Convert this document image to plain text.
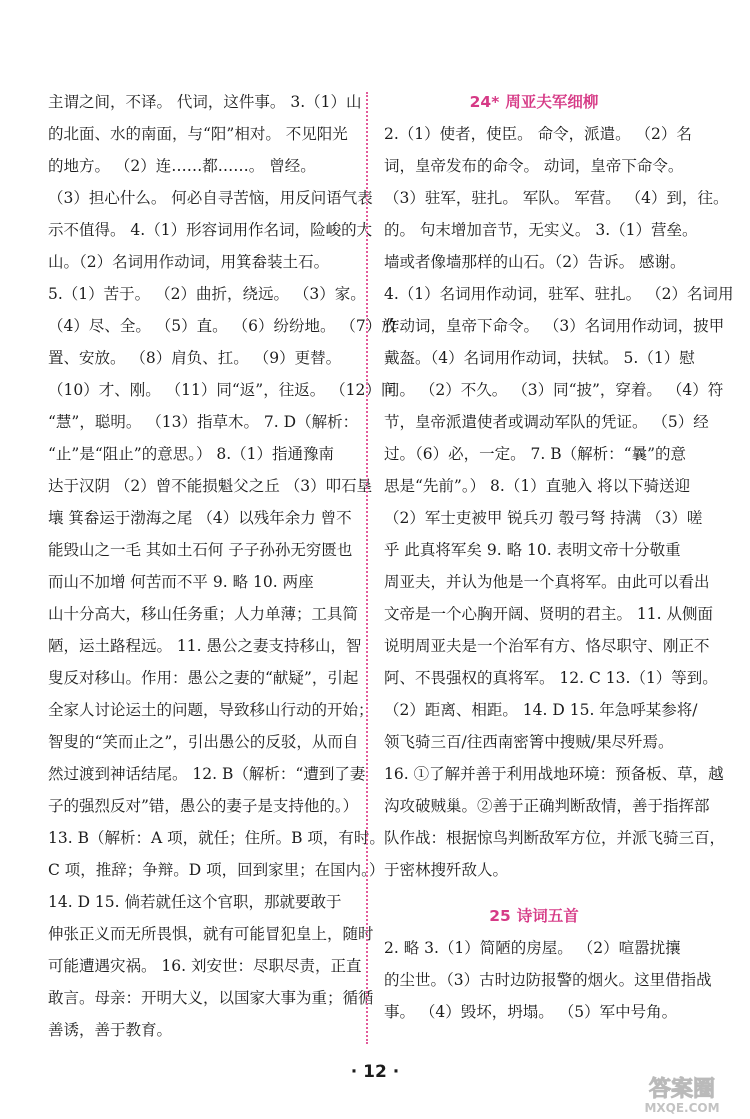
主谓之间，不译。 代词，这件事。 3.（1）山
的北面、水的南面，与“阳”相对。 不见阳光
的地方。 （2）连……都……。 曾经。
（3）担心什么。 何必自寻苦恼，用反问语气表
示不值得。 4.（1）形容词用作名词，险峻的大
山。（2）名词用作动词，用箕畚装土石。
5.（1）苦于。 （2）曲折，绕远。 （3）家。
（4）尽、全。 （5）直。 （6）纷纷地。 （7）放
置、安放。 （8）肩负、扛。 （9）更替。
（10）才、刚。 （11）同“返”，往返。 （12）同
“慧”，聪明。 （13）指草木。 7. D（解析：
“止”是“阻止”的意思。） 8.（1）指通豫南
达于汉阴 （2）曾不能损魁父之丘 （3）叩石垦
壤 箕畚运于渤海之尾 （4）以残年余力 曾不
能毁山之一毛 其如土石何 子子孙孙无穷匮也
而山不加增 何苦而不平 9. 略 10. 两座
山十分高大，移山任务重；人力单薄；工具简
陋，运土路程远。 11. 愚公之妻支持移山，智
叟反对移山。作用：愚公之妻的“献疑”，引起
全家人讨论运土的问题，导致移山行动的开始；
智叟的“笑而止之”，引出愚公的反驳，从而自
然过渡到神话结尾。 12. B（解析：“遭到了妻
子的强烈反对”错，愚公的妻子是支持他的。）
13. B（解析：A 项，就任；住所。B 项，有时。
C 项，推辞；争辩。D 项，回到家里；在国内。）
14. D 15. 倘若就任这个官职，那就要敢于
伸张正义而无所畏惧，就有可能冒犯皇上，随时
可能遭遇灾祸。 16. 刘安世：尽职尽责，正直
敢言。母亲：开明大义，以国家大事为重；循循
善诱，善于教育。
24* 周亚夫军细柳
2.（1）使者，使臣。 命令，派遣。 （2）名
词，皇帝发布的命令。 动词，皇帝下命令。
（3）驻军，驻扎。 军队。 军营。 （4）到，往。
的。 句末增加音节，无实义。 3.（1）营垒。
墙或者像墙那样的山石。（2）告诉。 感谢。
4.（1）名词用作动词，驻军、驻扎。 （2）名词用
作动词，皇帝下命令。 （3）名词用作动词，披甲
戴盔。（4）名词用作动词，扶轼。 5.（1）慰
问。 （2）不久。 （3）同“披”，穿着。 （4）符
节，皇帝派遣使者或调动军队的凭证。 （5）经
过。（6）必，一定。 7. B（解析：“曩”的意
思是“先前”。） 8.（1）直驰入 将以下骑送迎
（2）军士吏被甲 锐兵刃 彀弓弩 持满 （3）嗟
乎 此真将军矣 9. 略 10. 表明文帝十分敬重
周亚夫，并认为他是一个真将军。由此可以看出
文帝是一个心胸开阔、贤明的君主。 11. 从侧面
说明周亚夫是一个治军有方、恪尽职守、刚正不
阿、不畏强权的真将军。 12. C 13.（1）等到。
（2）距离、相距。 14. D 15. 年急呼某参将/
领飞骑三百/往西南密箐中搜贼/果尽歼焉。
16. ①了解并善于利用战地环境：预备板、草，越
沟攻破贼巢。②善于正确判断敌情，善于指挥部
队作战：根据惊鸟判断敌军方位，并派飞骑三百，
于密林搜歼敌人。
25 诗词五首
2. 略 3.（1）简陋的房屋。 （2）喧嚣扰攘
的尘世。（3）古时边防报警的烟火。这里借指战
事。 （4）毁坏，坍塌。 （5）军中号角。
· 12 ·
答案圈
MXQE.COM
